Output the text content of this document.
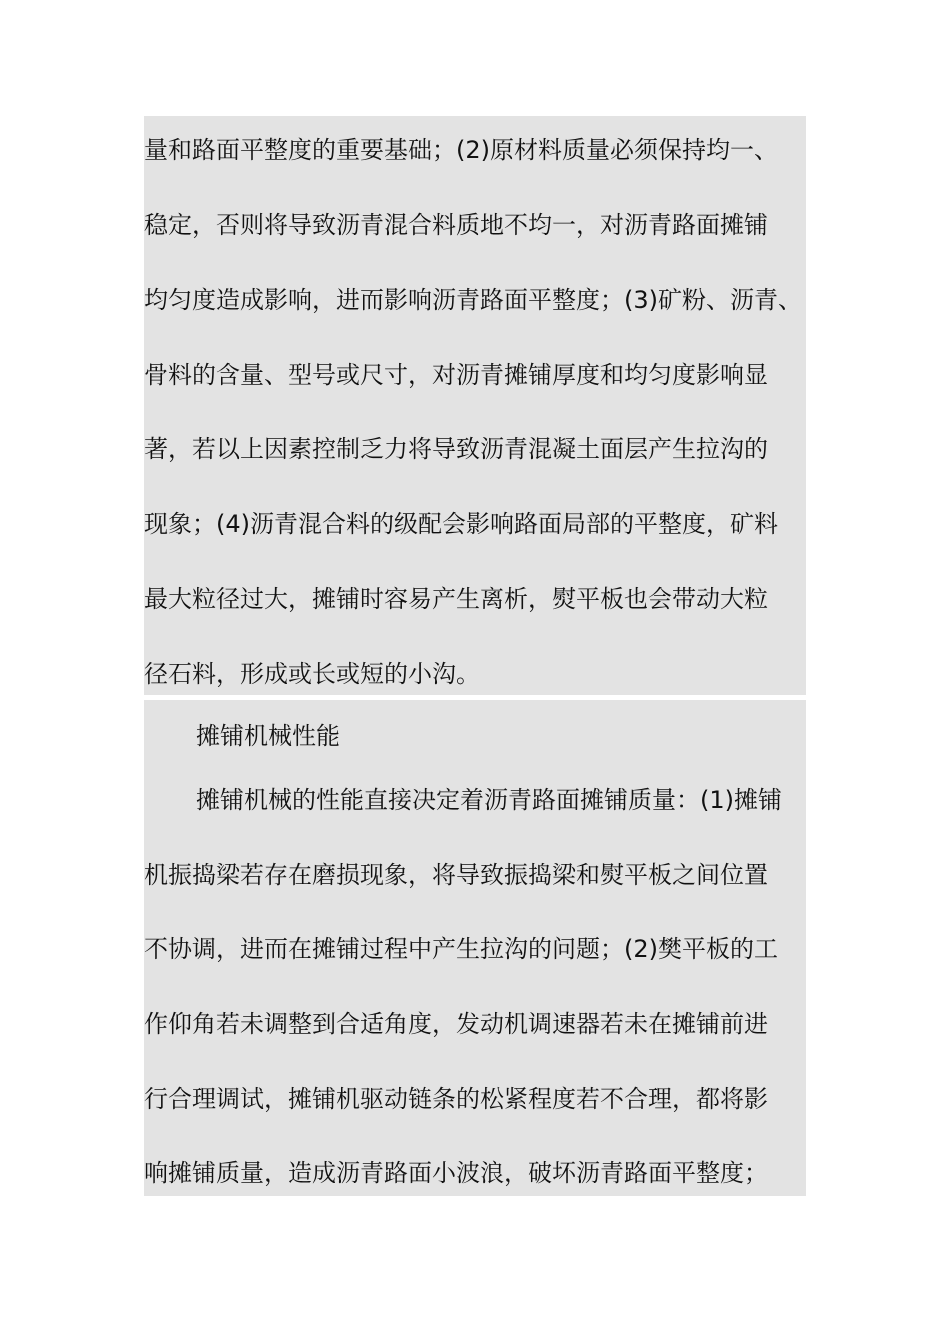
量和路面平整度的重要基础；(2)原材料质量必须保持均一、
稳定，否则将导致沥青混合料质地不均一，对沥青路面摊铺
均匀度造成影响，进而影响沥青路面平整度；(3)矿粉、沥青、
骨料的含量、型号或尺寸，对沥青摊铺厚度和均匀度影响显
著，若以上因素控制乏力将导致沥青混凝土面层产生拉沟的
现象；(4)沥青混合料的级配会影响路面局部的平整度，矿料
最大粒径过大，摊铺时容易产生离析，熨平板也会带动大粒
径石料，形成或长或短的小沟。
摊铺机械性能
摊铺机械的性能直接决定着沥青路面摊铺质量：(1)摊铺
机振捣梁若存在磨损现象，将导致振捣梁和熨平板之间位置
不协调，进而在摊铺过程中产生拉沟的问题；(2)樊平板的工
作仰角若未调整到合适角度，发动机调速器若未在摊铺前进
行合理调试，摊铺机驱动链条的松紧程度若不合理，都将影
响摊铺质量，造成沥青路面小波浪，破坏沥青路面平整度；
